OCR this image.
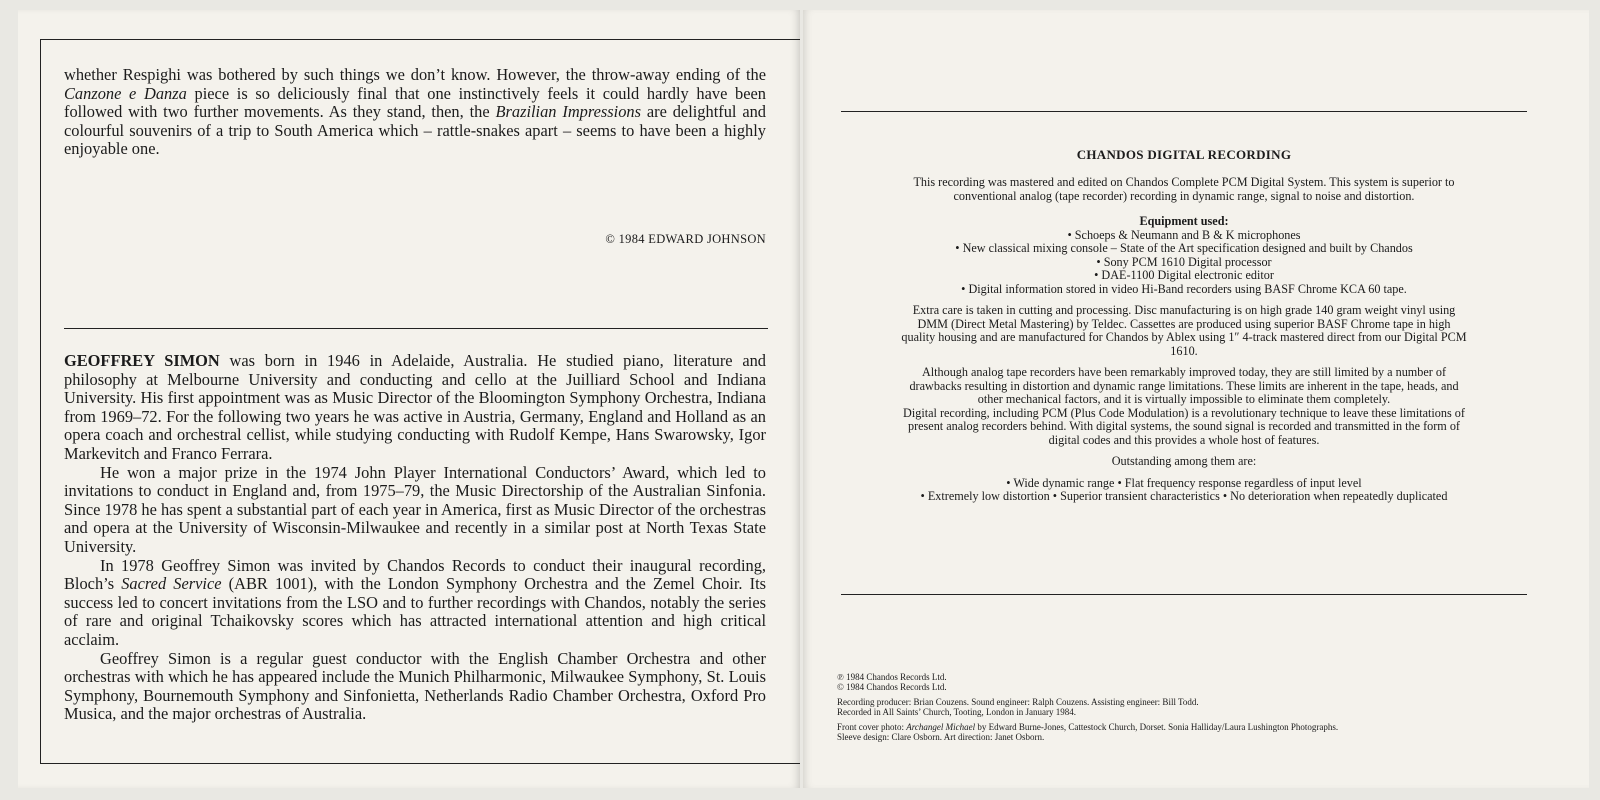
whether Respighi was bothered by such things we don’t know. However, the throw-away ending of the Canzone e Danza piece is so deliciously final that one instinctively feels it could hardly have been followed with two further movements. As they stand, then, the Brazilian Impressions are delightful and colourful souvenirs of a trip to South America which – rattle-snakes apart – seems to have been a highly enjoyable one.

© 1984 EDWARD JOHNSON

GEOFFREY SIMON was born in 1946 in Adelaide, Australia. He studied piano, literature and philosophy at Melbourne University and conducting and cello at the Juilliard School and Indiana University. His first appointment was as Music Director of the Bloomington Symphony Orchestra, Indiana from 1969–72. For the following two years he was active in Austria, Germany, England and Holland as an opera coach and orchestral cellist, while studying conducting with Rudolf Kempe, Hans Swarowsky, Igor Markevitch and Franco Ferrara.

He won a major prize in the 1974 John Player International Conductors’ Award, which led to invitations to conduct in England and, from 1975–79, the Music Directorship of the Australian Sinfonia. Since 1978 he has spent a substantial part of each year in America, first as Music Director of the orchestras and opera at the University of Wisconsin-Milwaukee and recently in a similar post at North Texas State University.

In 1978 Geoffrey Simon was invited by Chandos Records to conduct their inaugural recording, Bloch’s Sacred Service (ABR 1001), with the London Symphony Orchestra and the Zemel Choir. Its success led to concert invitations from the LSO and to further recordings with Chandos, notably the series of rare and original Tchaikovsky scores which has attracted international attention and high critical acclaim.

Geoffrey Simon is a regular guest conductor with the English Chamber Orchestra and other orchestras with which he has appeared include the Munich Philharmonic, Milwaukee Symphony, St. Louis Symphony, Bournemouth Symphony and Sinfonietta, Netherlands Radio Chamber Orchestra, Oxford Pro Musica, and the major orchestras of Australia.

CHANDOS DIGITAL RECORDING

This recording was mastered and edited on Chandos Complete PCM Digital System. This system is superior to conventional analog (tape recorder) recording in dynamic range, signal to noise and distortion.

Equipment used:

• Schoeps & Neumann and B & K microphones
• New classical mixing console – State of the Art specification designed and built by Chandos
• Sony PCM 1610 Digital processor
• DAE-1100 Digital electronic editor
• Digital information stored in video Hi-Band recorders using BASF Chrome KCA 60 tape.

Extra care is taken in cutting and processing. Disc manufacturing is on high grade 140 gram weight vinyl using DMM (Direct Metal Mastering) by Teldec. Cassettes are produced using superior BASF Chrome tape in high quality housing and are manufactured for Chandos by Ablex using 1″ 4-track mastered direct from our Digital PCM 1610.

Although analog tape recorders have been remarkably improved today, they are still limited by a number of drawbacks resulting in distortion and dynamic range limitations. These limits are inherent in the tape, heads, and other mechanical factors, and it is virtually impossible to eliminate them completely.

Digital recording, including PCM (Plus Code Modulation) is a revolutionary technique to leave these limitations of present analog recorders behind. With digital systems, the sound signal is recorded and transmitted in the form of digital codes and this provides a whole host of features.

Outstanding among them are:

• Wide dynamic range • Flat frequency response regardless of input level

• Extremely low distortion • Superior transient characteristics • No deterioration when repeatedly duplicated

℗ 1984 Chandos Records Ltd.
© 1984 Chandos Records Ltd.
Recording producer: Brian Couzens. Sound engineer: Ralph Couzens. Assisting engineer: Bill Todd.
Recorded in All Saints’ Church, Tooting, London in January 1984.
Front cover photo: Archangel Michael by Edward Burne-Jones, Cattestock Church, Dorset. Sonia Halliday/Laura Lushington Photographs.
Sleeve design: Clare Osborn. Art direction: Janet Osborn.
